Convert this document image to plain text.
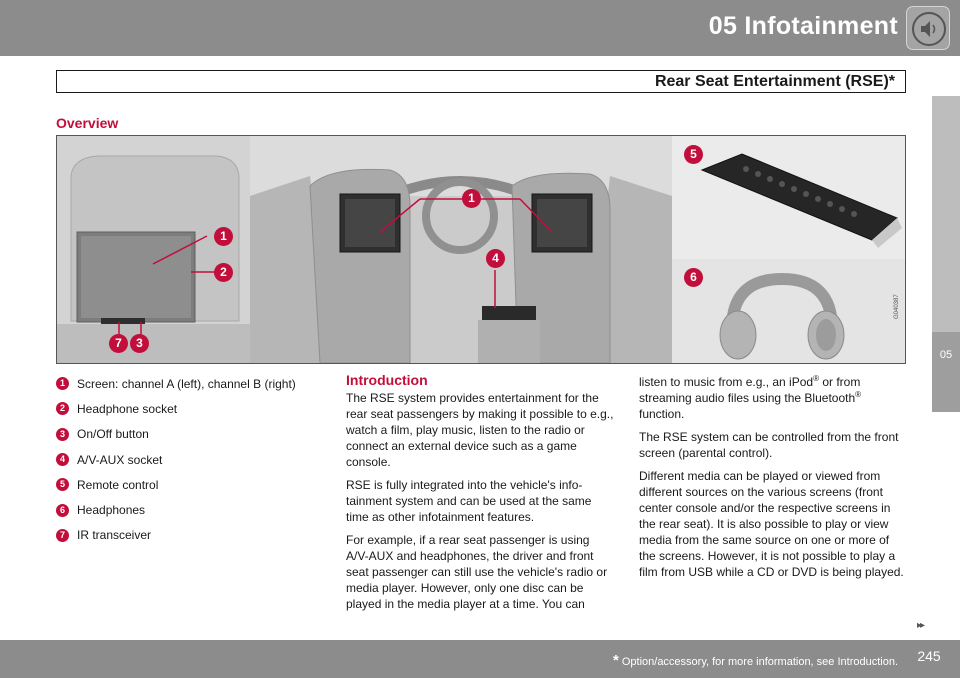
05 Infotainment
Rear Seat Entertainment (RSE)*
05
Overview
1
2
7	3
1
4
5
6
G040387
1	Screen: channel A (left), channel B (right)
2	Headphone socket
3	On/Off button
4	A/V-AUX socket
5	Remote control
6	Headphones
7	IR transceiver
Introduction

The RSE system provides entertainment for the rear seat passengers by making it possible to e.g., watch a film, play music, listen to the radio or connect an external device such as a game console.

RSE is fully integrated into the vehicle's info-tainment system and can be used at the same time as other infotainment features.

For example, if a rear seat passenger is using A/V-AUX and headphones, the driver and front seat passenger can still use the vehicle's radio or media player. However, only one disc can be played in the media player at a time. You can

listen to music from e.g., an iPod® or from streaming audio files using the Bluetooth® function.

The RSE system can be controlled from the front screen (parental control).

Different media can be played or viewed from different sources on the various screens (front center console and/or the respective screens in the rear seat). It is also possible to play or view media from the same source on one or more of the screens. However, it is not possible to play a film from USB while a CD or DVD is being played.

▸▸
* Option/accessory, for more information, see Introduction.	245
